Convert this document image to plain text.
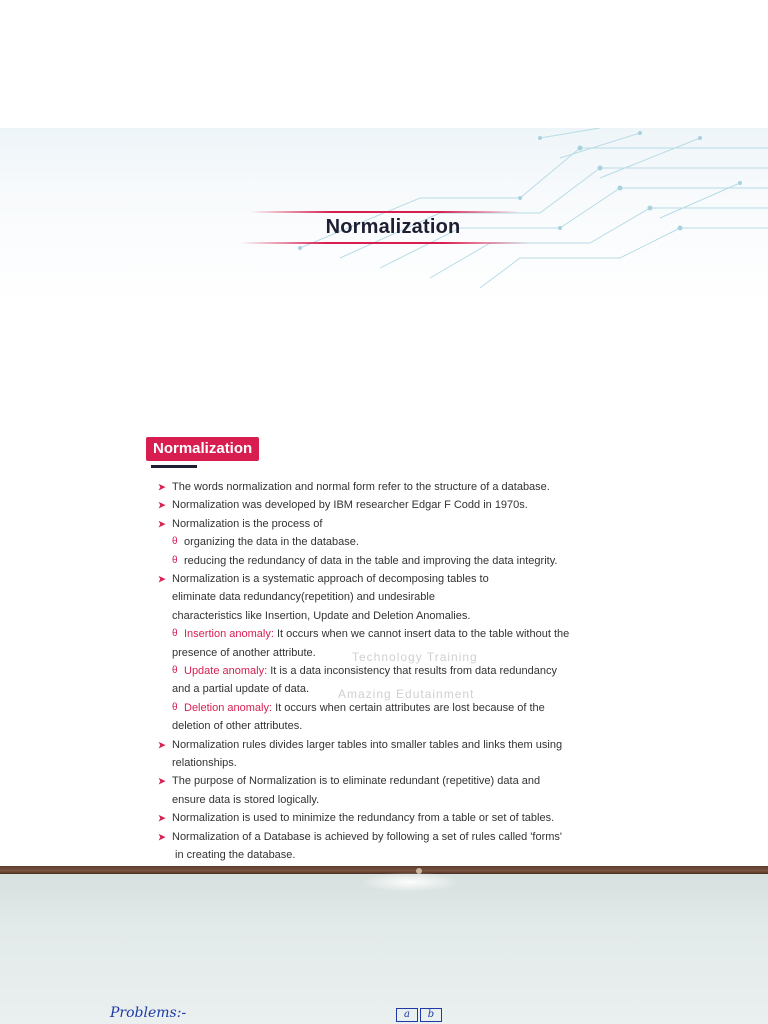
Normalization
Technology Training
Amazing Edutainment
Normalization
➤ The words normalization and normal form refer to the structure of a database.
➤ Normalization was developed by IBM researcher Edgar F Codd in 1970s.
➤ Normalization is the process of
θ organizing the data in the database.
θ reducing the redundancy of data in the table and improving the data integrity.
➤ Normalization is a systematic approach of decomposing tables to
eliminate data redundancy(repetition) and undesirable
characteristics like Insertion, Update and Deletion Anomalies.
θ Insertion anomaly: It occurs when we cannot insert data to the table without the
presence of another attribute.
θ Update anomaly: It is a data inconsistency that results from data redundancy
and a partial update of data.
θ Deletion anomaly: It occurs when certain attributes are lost because of the
deletion of other attributes.
➤ Normalization rules divides larger tables into smaller tables and links them using
relationships.
➤ The purpose of Normalization is to eliminate redundant (repetitive) data and
ensure data is stored logically.
➤ Normalization is used to minimize the redundancy from a table or set of tables.
➤ Normalization of a Database is achieved by following a set of rules called 'forms'
in creating the database.
Problems:-	a	b
